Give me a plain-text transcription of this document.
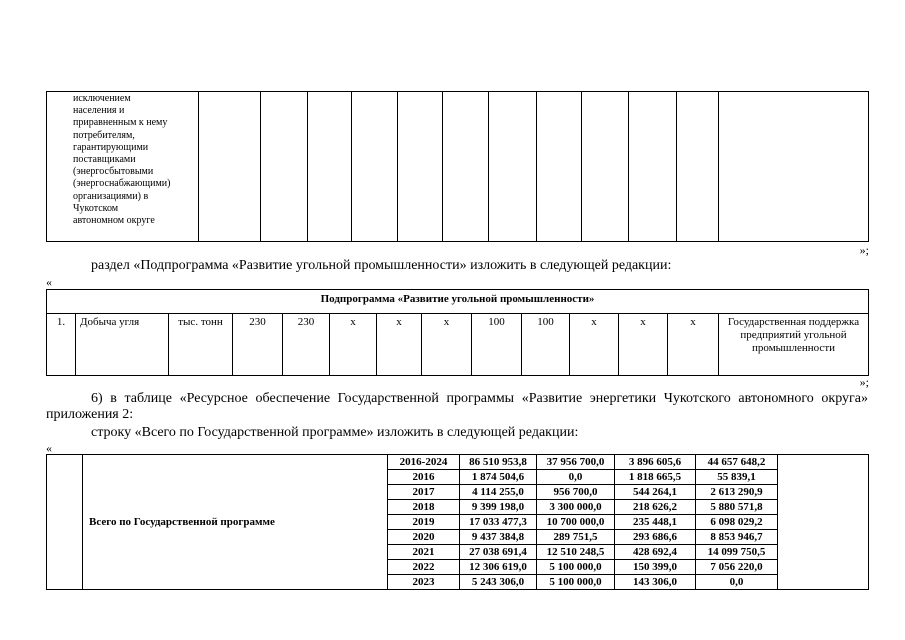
исключением
населения и
приравненным к нему
потребителям,
гарантирующими
поставщиками
(энергосбытовыми
(энергоснабжающими)
организациями) в
Чукотском
автономном округе

»;
раздел «Подпрограмма «Развитие угольной промышленности» изложить в следующей редакции:
«
Подпрограмма «Развитие угольной промышленности»
1.	Добыча угля	тыс. тонн	230	230	х	х	х	100	100	х	х	х	Государственная поддержка предприятий угольной промышленности
»;
6) в таблице «Ресурсное обеспечение Государственной программы «Развитие энергетики Чукотского автономного округа» приложения 2:
строку «Всего по Государственной программе» изложить в следующей редакции:
«
	Всего по Государственной программе	2016-2024	86 510 953,8	37 956 700,0	3 896 605,6	44 657 648,2	
		2016	1 874 504,6	0,0	1 818 665,5	55 839,1	
		2017	4 114 255,0	956 700,0	544 264,1	2 613 290,9	
		2018	9 399 198,0	3 300 000,0	218 626,2	5 880 571,8	
		2019	17 033 477,3	10 700 000,0	235 448,1	6 098 029,2	
		2020	9 437 384,8	289 751,5	293 686,6	8 853 946,7	
		2021	27 038 691,4	12 510 248,5	428 692,4	14 099 750,5	
		2022	12 306 619,0	5 100 000,0	150 399,0	7 056 220,0	
		2023	5 243 306,0	5 100 000,0	143 306,0	0,0	
